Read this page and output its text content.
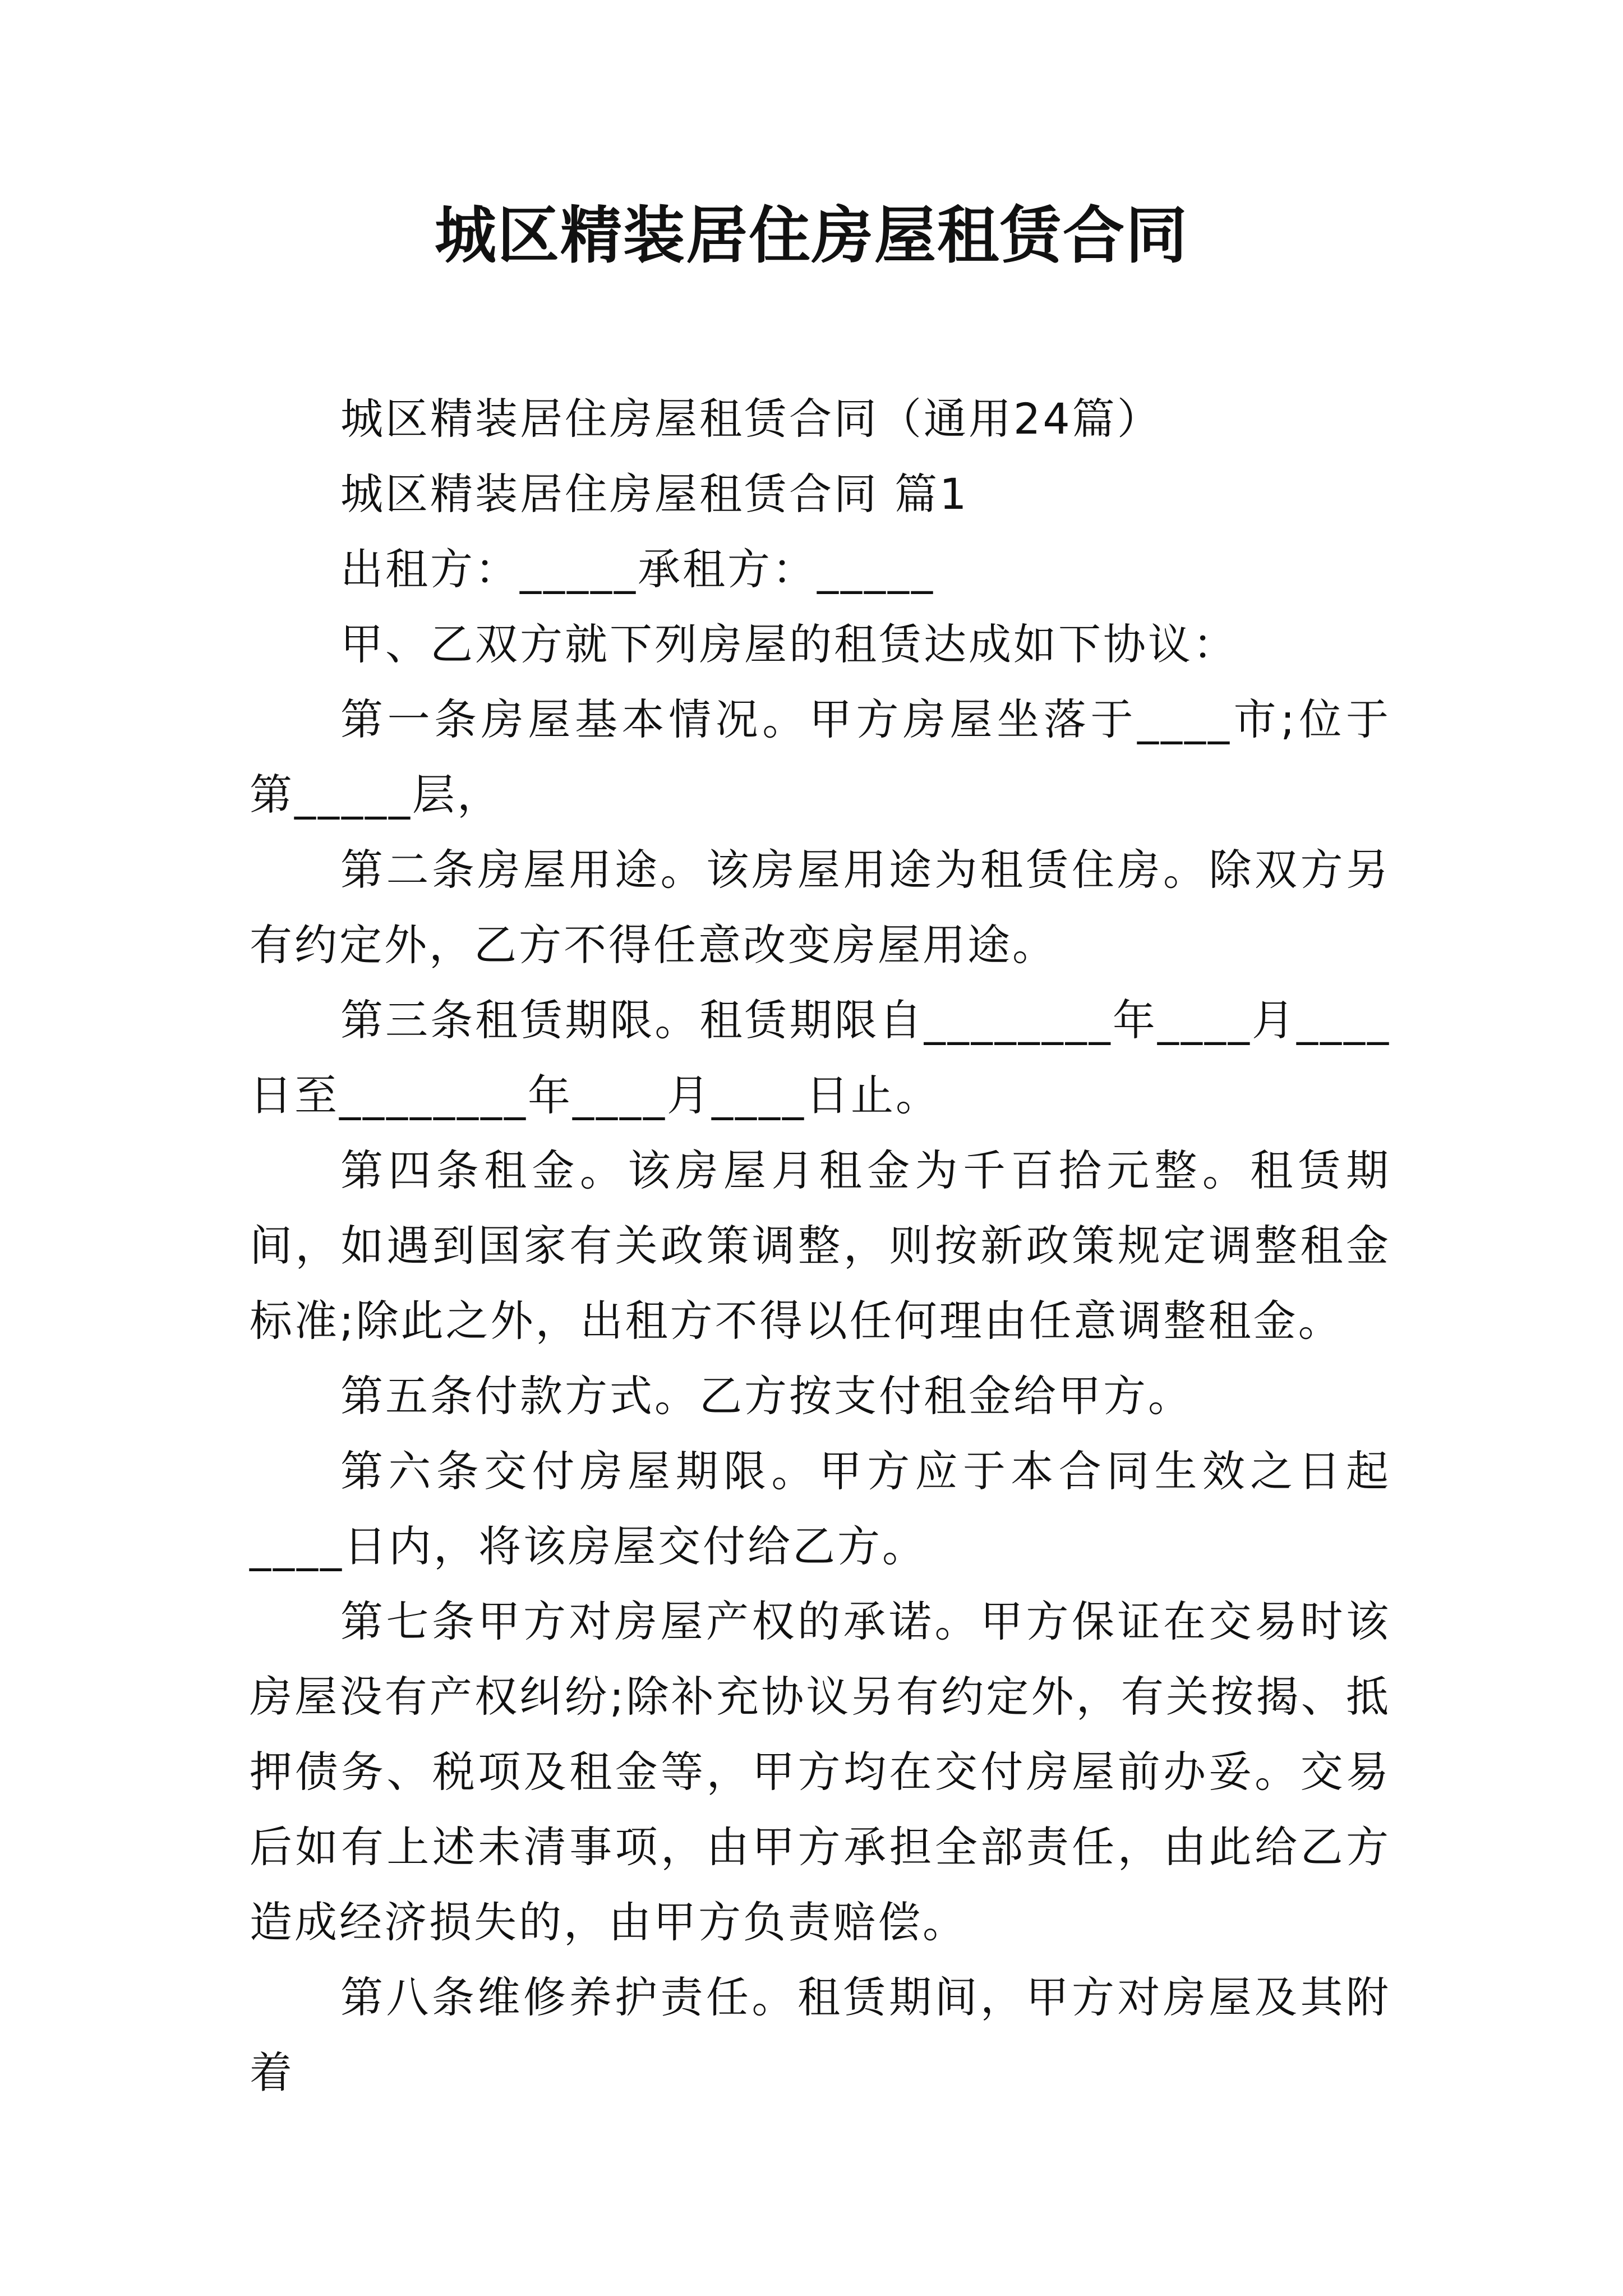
城区精装居住房屋租赁合同

城区精装居住房屋租赁合同（通用24篇）

城区精装居住房屋租赁合同 篇1

出租方：_____承租方：_____

甲、乙双方就下列房屋的租赁达成如下协议：

第一条房屋基本情况。甲方房屋坐落于____市;位于第_____层，

第二条房屋用途。该房屋用途为租赁住房。除双方另有约定外，乙方不得任意改变房屋用途。

第三条租赁期限。租赁期限自________年____月____日至________年____月____日止。

第四条租金。该房屋月租金为千百拾元整。租赁期间，如遇到国家有关政策调整，则按新政策规定调整租金标准;除此之外，出租方不得以任何理由任意调整租金。

第五条付款方式。乙方按支付租金给甲方。

第六条交付房屋期限。甲方应于本合同生效之日起____日内，将该房屋交付给乙方。

第七条甲方对房屋产权的承诺。甲方保证在交易时该房屋没有产权纠纷;除补充协议另有约定外，有关按揭、抵押债务、税项及租金等，甲方均在交付房屋前办妥。交易后如有上述未清事项，由甲方承担全部责任，由此给乙方造成经济损失的，由甲方负责赔偿。

第八条维修养护责任。租赁期间，甲方对房屋及其附着
